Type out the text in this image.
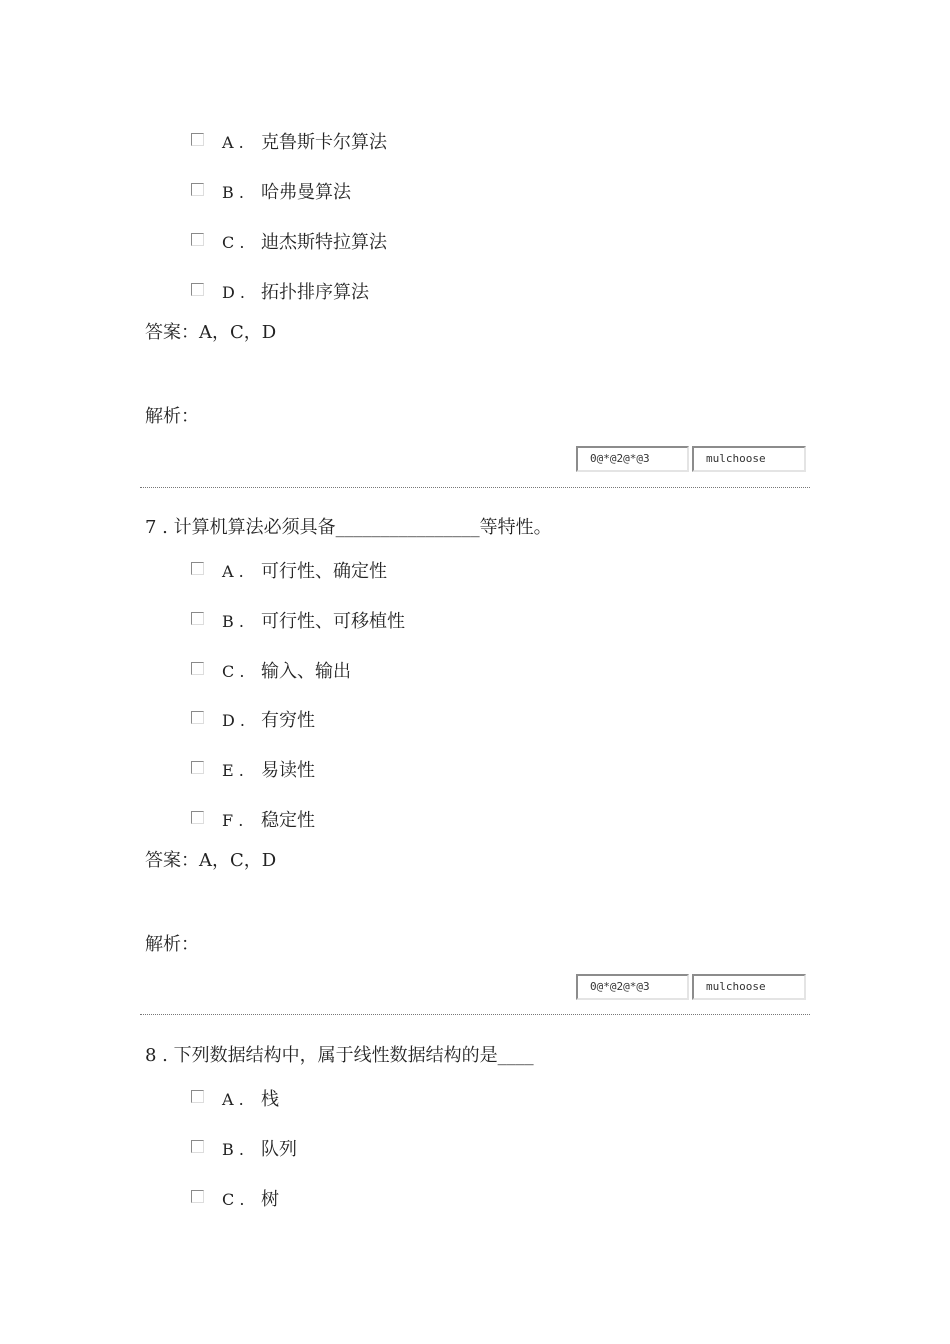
A . 克鲁斯卡尔算法
B . 哈弗曼算法
C . 迪杰斯特拉算法
D . 拓扑排序算法
答案：A，C，D
解析：
0@*@2@*@3	mulchoose
7 . 计算机算法必须具备________________等特性。
A . 可行性、确定性
B . 可行性、可移植性
C . 输入、输出
D . 有穷性
E . 易读性
F . 稳定性
答案：A，C，D
解析：
0@*@2@*@3	mulchoose
8 . 下列数据结构中，属于线性数据结构的是____
A . 栈
B . 队列
C . 树
